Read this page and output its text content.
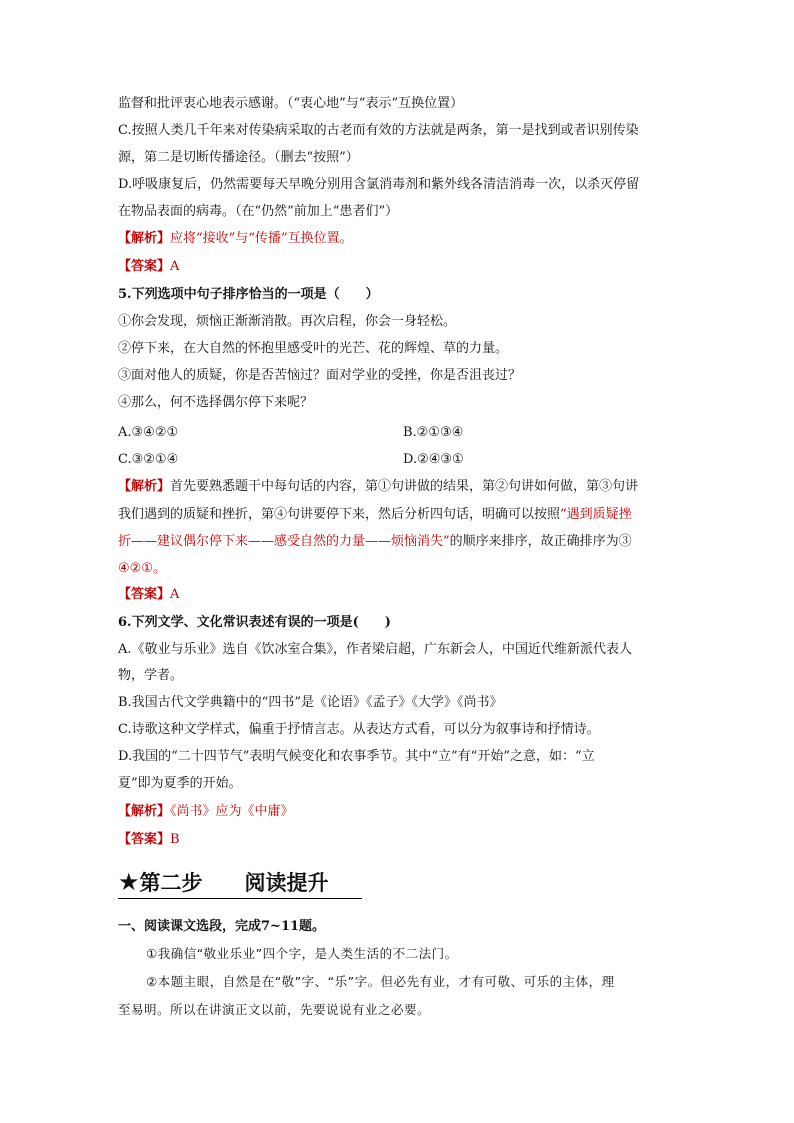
监督和批评衷心地表示感谢。（“衷心地”与“表示”互换位置）
C.按照人类几千年来对传染病采取的古老而有效的方法就是两条，第一是找到或者识别传染
源，第二是切断传播途径。（删去“按照”）
D.呼吸康复后，仍然需要每天早晚分别用含氯消毒剂和紫外线各清洁消毒一次，以杀灭停留
在物品表面的病毒。（在“仍然”前加上“患者们”）
【解析】应将“接收”与“传播”互换位置。
【答案】A
5.下列选项中句子排序恰当的一项是（　　）
①你会发现，烦恼正渐渐消散。再次启程，你会一身轻松。
②停下来，在大自然的怀抱里感受叶的光芒、花的辉煌、草的力量。
③面对他人的质疑，你是否苦恼过？面对学业的受挫，你是否沮丧过？
④那么，何不选择偶尔停下来呢？
A.③④②①	B.②①③④
C.③②①④	D.②④③①
【解析】首先要熟悉题干中每句话的内容，第①句讲做的结果，第②句讲如何做，第③句讲
我们遇到的质疑和挫折，第④句讲要停下来，然后分析四句话，明确可以按照“遇到质疑挫
折——建议偶尔停下来——感受自然的力量——烦恼消失”的顺序来排序，故正确排序为③
④②①。
【答案】A
6.下列文学、文化常识表述有误的一项是(　　)
A.《敬业与乐业》选自《饮冰室合集》，作者梁启超，广东新会人，中国近代维新派代表人
物，学者。
B.我国古代文学典籍中的“四书”是《论语》《孟子》《大学》《尚书》
C.诗歌这种文学样式，偏重于抒情言志。从表达方式看，可以分为叙事诗和抒情诗。
D.我国的“二十四节气”表明气候变化和农事季节。其中“立”有“开始”之意，如：“立
夏”即为夏季的开始。
【解析】《尚书》应为《中庸》
【答案】B
★第二步　　阅读提升
一、阅读课文选段，完成7~11题。
①我确信“敬业乐业”四个字，是人类生活的不二法门。
②本题主眼，自然是在“敬”字、“乐”字。但必先有业，才有可敬、可乐的主体，理
至易明。所以在讲演正文以前，先要说说有业之必要。
